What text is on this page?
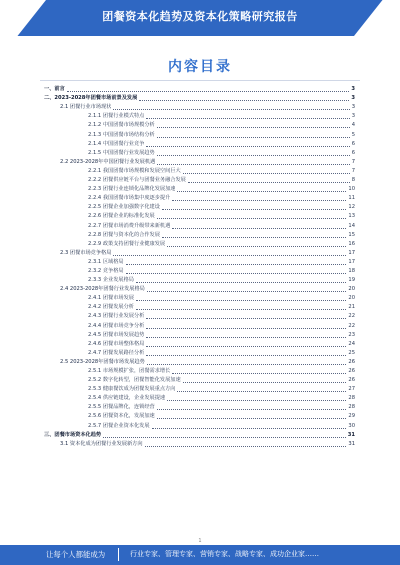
团餐资本化趋势及资本化策略研究报告
内容目录
一、前言	3
二、2023-2028年团餐市场前景及发展	3
2.1 团餐行业市场现状	3
2.1.1 团餐行业模式特点	3
2.1.2 中国团餐市场规模分析	4
2.1.3 中国团餐市场结构分析	5
2.1.4 中国团餐行业竞争	6
2.1.5 中国团餐行业发展趋势	6
2.2 2023-2028年中国团餐行业发展机遇	7
2.2.1 我国团餐市场规模和发展空间巨大	7
2.2.2 团餐供应链平台与团餐业务融合发展	8
2.2.3 团餐行业连锁化品牌化发展加速	10
2.2.4 我国团餐市场集中度逐步提升	11
2.2.5 团餐企业加强数字化建设	12
2.2.6 团餐企业的标准化发展	13
2.2.7 团餐市场消费升级带来新机遇	14
2.2.8 团餐与资本化的合作发展	15
2.2.9 政策支持团餐行业健康发展	16
2.3 团餐市场竞争格局	17
2.3.1 区域格局	17
2.3.2 竞争格局	18
2.3.3 企业发展格局	19
2.4 2023-2028年团餐行业发展格局	20
2.4.1 团餐市场发展	20
2.4.2 团餐发展分析	21
2.4.3 团餐行业发展分析	22
2.4.4 团餐市场竞争分析	22
2.4.5 团餐市场发展趋势	23
2.4.6 团餐市场整体格局	24
2.4.7 团餐发展路径分析	25
2.5 2023-2028年团餐市场发展趋势	26
2.5.1 市场规模扩张，团餐需求增长	26
2.5.2 数字化转型，团餐智能化发展加速	26
2.5.3 健康餐饮成为团餐发展重点方向	27
2.5.4 供应链建设，企业发展提速	28
2.5.5 团餐品牌化，连锁经营	28
2.5.6 团餐资本化，发展加速	29
2.5.7 团餐企业资本化发展	30
三、团餐市场资本化趋势	31
3.1 资本化成为团餐行业发展新方向	31
1
让每个人都能成为	行业专家、管理专家、营销专家、战略专家、成功企业家……
